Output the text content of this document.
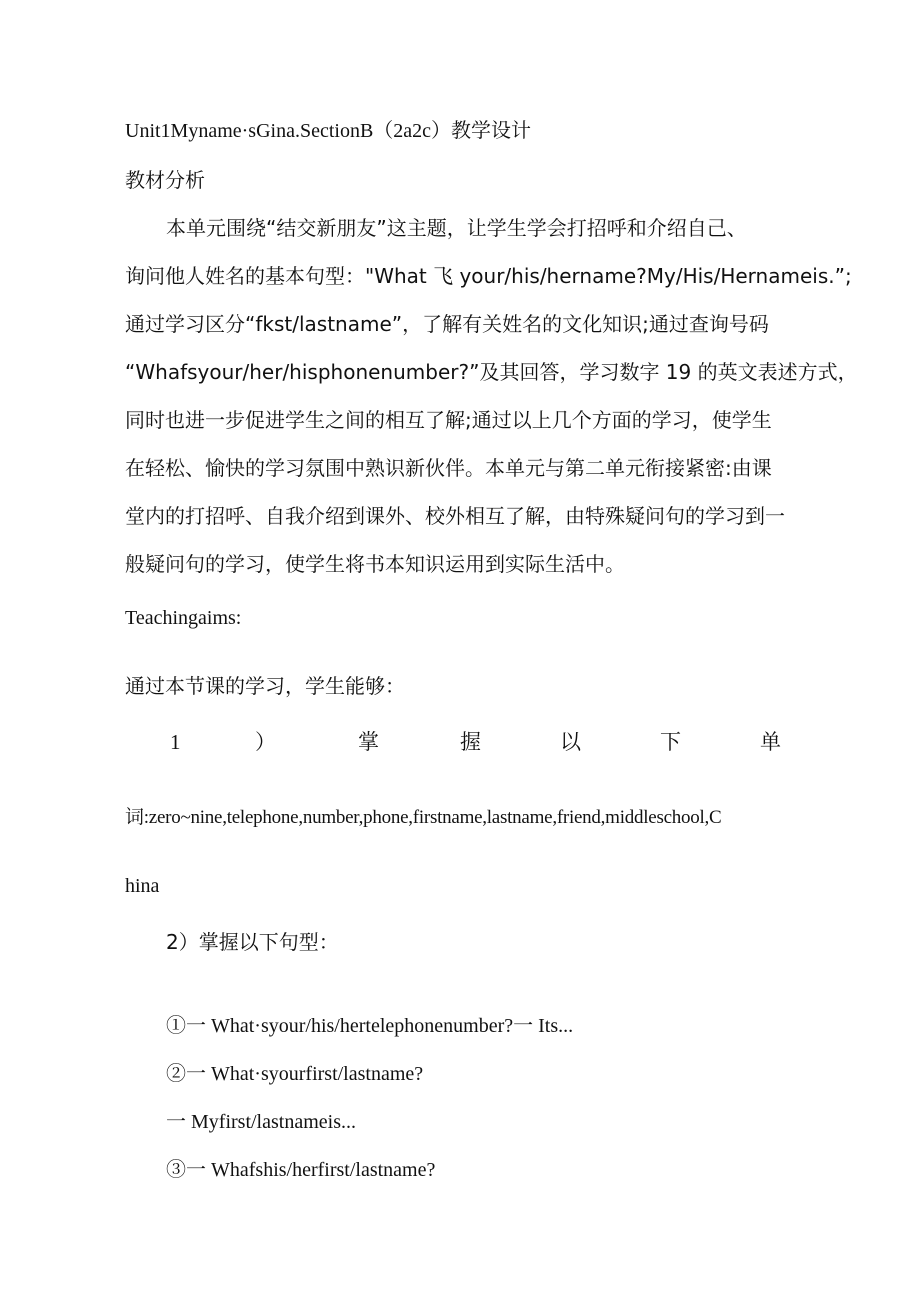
Unit1Myname·sGina.SectionB（2a2c）教学设计
教材分析
本单元围绕“结交新朋友”这主题，让学生学会打招呼和介绍自己、
询问他人姓名的基本句型："What 飞 your/his/hername?My/His/Hernameis.”;
通过学习区分“fkst/lastname”，了解有关姓名的文化知识;通过查询号码
“Whafsyour/her/hisphonenumber?”及其回答，学习数字 19 的英文表述方式，
同时也进一步促进学生之间的相互了解;通过以上几个方面的学习，使学生
在轻松、愉快的学习氛围中熟识新伙伴。本单元与第二单元衔接紧密:由课
堂内的打招呼、自我介绍到课外、校外相互了解，由特殊疑问句的学习到一
般疑问句的学习，使学生将书本知识运用到实际生活中。
Teachingaims:
通过本节课的学习，学生能够：
1	）	掌	握	以	下	单
词:zero~nine,telephone,number,phone,firstname,lastname,friend,middleschool,C
hina
2）掌握以下句型：
①一 What·syour/his/hertelephonenumber?一 Its...
②一 What·syourfirst/lastname?
一 Myfirst/lastnameis...
③一 Whafshis/herfirst/lastname?
